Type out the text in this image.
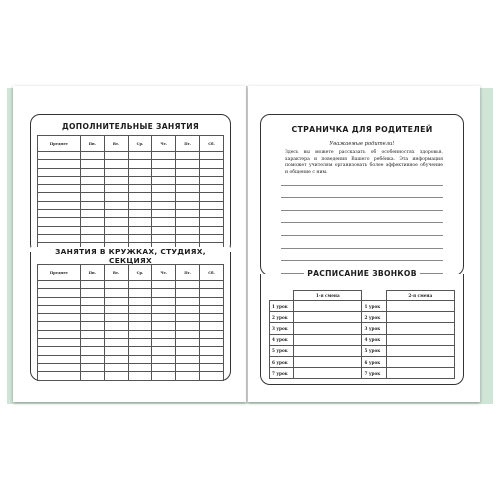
ДОПОЛНИТЕЛЬНЫЕ ЗАНЯТИЯ
Предмет	Пн.	Вт.	Ср.	Чт.	Пт.	Сб.

ЗАНЯТИЯ В КРУЖКАХ, СТУДИЯХ, СЕКЦИЯХ
Предмет	Пн.	Вт.	Ср.	Чт.	Пт.	Сб.

СТРАНИЧКА ДЛЯ РОДИТЕЛЕЙ
Уважаемые родители!
Здесь вы можете рассказать об особенностях здоровья, характера и поведения Вашего ребёнка. Эта информация поможет учителям организовать более эффективное обучение и общение с ним.
РАСПИСАНИЕ ЗВОНКОВ
	1-я смена		2-я смена
1 урок		1 урок	
2 урок		2 урок	
3 урок		3 урок	
4 урок		4 урок	
5 урок		5 урок	
6 урок		6 урок	
7 урок		7 урок	
